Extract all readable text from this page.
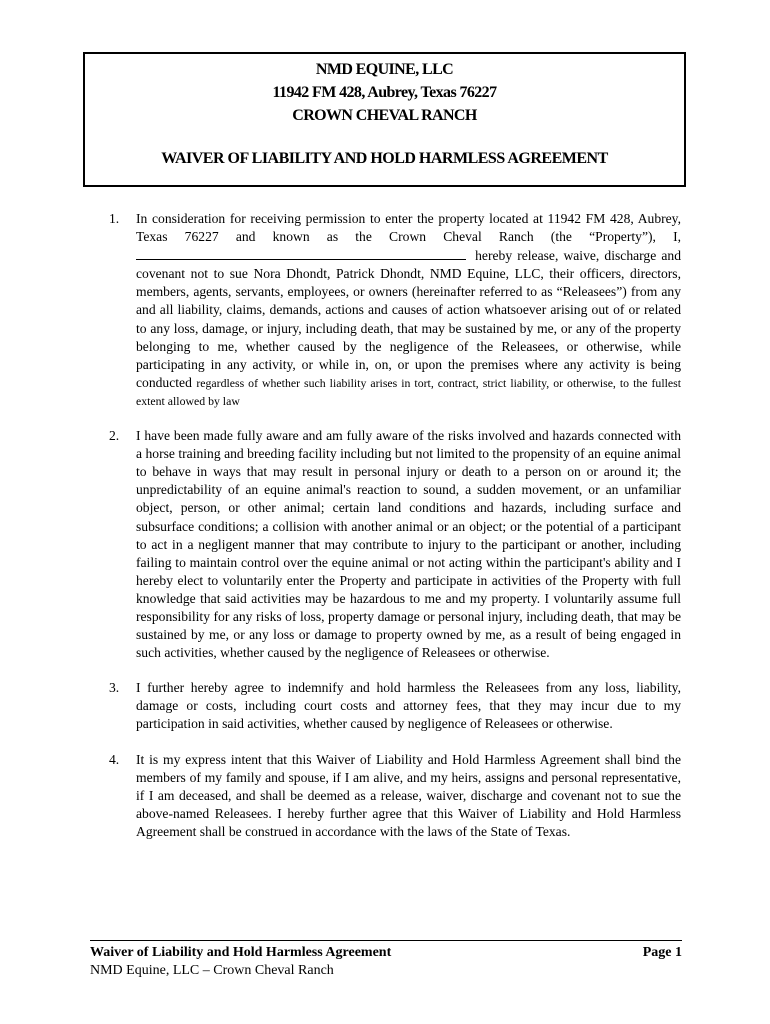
NMD EQUINE, LLC
11942 FM 428, Aubrey, Texas 76227
CROWN CHEVAL RANCH
WAIVER OF LIABILITY AND HOLD HARMLESS AGREEMENT
1. In consideration for receiving permission to enter the property located at 11942 FM 428, Aubrey, Texas 76227 and known as the Crown Cheval Ranch (the “Property”), I,  hereby release, waive, discharge and covenant not to sue Nora Dhondt, Patrick Dhondt, NMD Equine, LLC, their officers, directors, members, agents, servants, employees, or owners (hereinafter referred to as “Releasees”) from any and all liability, claims, demands, actions and causes of action whatsoever arising out of or related to any loss, damage, or injury, including death, that may be sustained by me, or any of the property belonging to me, whether caused by the negligence of the Releasees, or otherwise, while participating in any activity, or while in, on, or upon the premises where any activity is being conducted regardless of whether such liability arises in tort, contract, strict liability, or otherwise, to the fullest extent allowed by law
2. I have been made fully aware and am fully aware of the risks involved and hazards connected with a horse training and breeding facility including but not limited to the propensity of an equine animal to behave in ways that may result in personal injury or death to a person on or around it; the unpredictability of an equine animal's reaction to sound, a sudden movement, or an unfamiliar object, person, or other animal; certain land conditions and hazards, including surface and subsurface conditions; a collision with another animal or an object; or the potential of a participant to act in a negligent manner that may contribute to injury to the participant or another, including failing to maintain control over the equine animal or not acting within the participant's ability and I hereby elect to voluntarily enter the Property and participate in activities of the Property with full knowledge that said activities may be hazardous to me and my property. I voluntarily assume full responsibility for any risks of loss, property damage or personal injury, including death, that may be sustained by me, or any loss or damage to property owned by me, as a result of being engaged in such activities, whether caused by the negligence of Releasees or otherwise.
3. I further hereby agree to indemnify and hold harmless the Releasees from any loss, liability, damage or costs, including court costs and attorney fees, that they may incur due to my participation in said activities, whether caused by negligence of Releasees or otherwise.
4. It is my express intent that this Waiver of Liability and Hold Harmless Agreement shall bind the members of my family and spouse, if I am alive, and my heirs, assigns and personal representative, if I am deceased, and shall be deemed as a release, waiver, discharge and covenant not to sue the above-named Releasees. I hereby further agree that this Waiver of Liability and Hold Harmless Agreement shall be construed in accordance with the laws of the State of Texas.
Waiver of Liability and Hold Harmless Agreement	Page 1
NMD Equine, LLC – Crown Cheval Ranch
